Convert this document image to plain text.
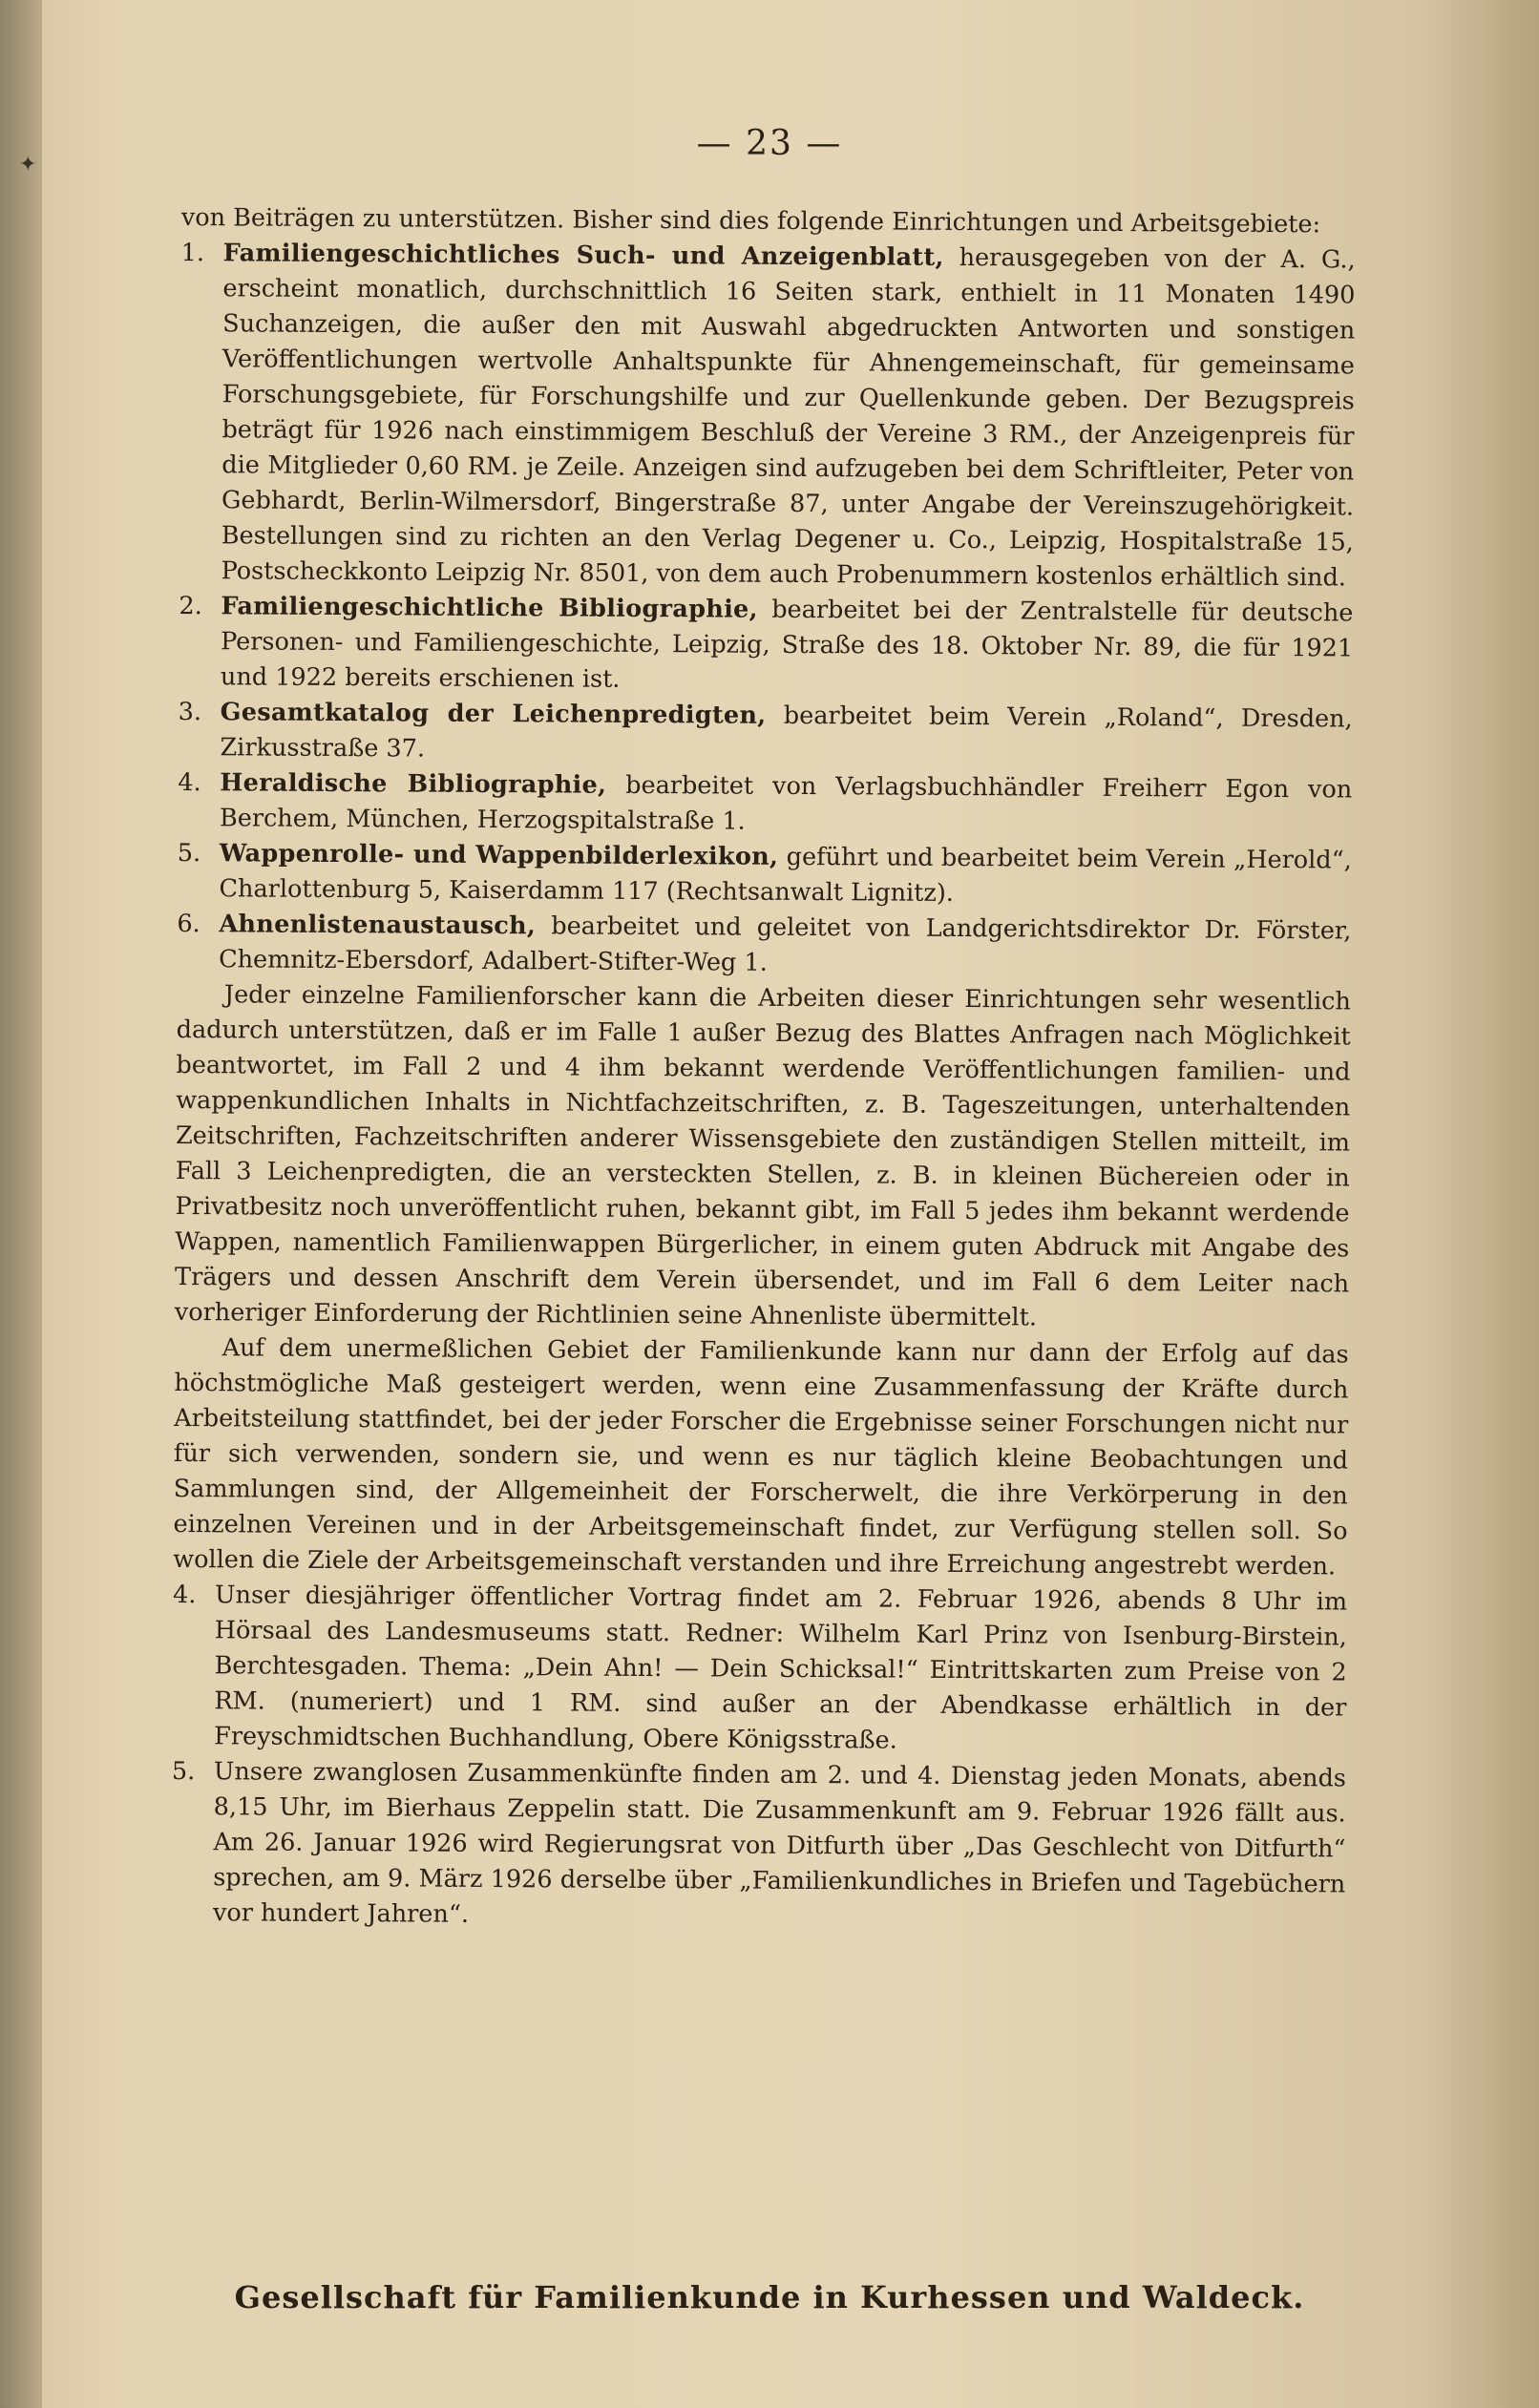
✦
— 23 —

von Beiträgen zu unterstützen. Bisher sind dies folgende Einrichtungen und Arbeitsgebiete:

1. Familiengeschichtliches Such- und Anzeigenblatt, herausgegeben von der A. G., erscheint monatlich, durchschnittlich 16 Seiten stark, enthielt in 11 Monaten 1490 Suchanzeigen, die außer den mit Auswahl abgedruckten Antworten und sonstigen Veröffentlichungen wertvolle Anhaltspunkte für Ahnengemeinschaft, für gemeinsame Forschungsgebiete, für Forschungshilfe und zur Quellenkunde geben. Der Bezugspreis beträgt für 1926 nach einstimmigem Beschluß der Vereine 3 RM., der Anzeigenpreis für die Mitglieder 0,60 RM. je Zeile. Anzeigen sind aufzugeben bei dem Schriftleiter, Peter von Gebhardt, Berlin-Wilmersdorf, Bingerstraße 87, unter Angabe der Vereinszugehörigkeit. Bestellungen sind zu richten an den Verlag Degener u. Co., Leipzig, Hospitalstraße 15, Postscheckkonto Leipzig Nr. 8501, von dem auch Probenummern kostenlos erhältlich sind.
2. Familiengeschichtliche Bibliographie, bearbeitet bei der Zentralstelle für deutsche Personen- und Familiengeschichte, Leipzig, Straße des 18. Oktober Nr. 89, die für 1921 und 1922 bereits erschienen ist.
3. Gesamtkatalog der Leichenpredigten, bearbeitet beim Verein „Roland“, Dresden, Zirkusstraße 37.
4. Heraldische Bibliographie, bearbeitet von Verlagsbuchhändler Freiherr Egon von Berchem, München, Herzogspitalstraße 1.
5. Wappenrolle- und Wappenbilderlexikon, geführt und bearbeitet beim Verein „Herold“, Charlottenburg 5, Kaiserdamm 117 (Rechtsanwalt Lignitz).
6. Ahnenlistenaustausch, bearbeitet und geleitet von Landgerichtsdirektor Dr. Förster, Chemnitz-Ebersdorf, Adalbert-Stifter-Weg 1.

Jeder einzelne Familienforscher kann die Arbeiten dieser Einrichtungen sehr wesentlich dadurch unterstützen, daß er im Falle 1 außer Bezug des Blattes Anfragen nach Möglichkeit beantwortet, im Fall 2 und 4 ihm bekannt werdende Veröffentlichungen familien- und wappenkundlichen Inhalts in Nichtfachzeitschriften, z. B. Tageszeitungen, unterhaltenden Zeitschriften, Fachzeitschriften anderer Wissensgebiete den zuständigen Stellen mitteilt, im Fall 3 Leichenpredigten, die an versteckten Stellen, z. B. in kleinen Büchereien oder in Privatbesitz noch unveröffentlicht ruhen, bekannt gibt, im Fall 5 jedes ihm bekannt werdende Wappen, namentlich Familienwappen Bürgerlicher, in einem guten Abdruck mit Angabe des Trägers und dessen Anschrift dem Verein übersendet, und im Fall 6 dem Leiter nach vorheriger Einforderung der Richtlinien seine Ahnenliste übermittelt.

Auf dem unermeßlichen Gebiet der Familienkunde kann nur dann der Erfolg auf das höchstmögliche Maß gesteigert werden, wenn eine Zusammenfassung der Kräfte durch Arbeitsteilung stattfindet, bei der jeder Forscher die Ergebnisse seiner Forschungen nicht nur für sich verwenden, sondern sie, und wenn es nur täglich kleine Beobachtungen und Sammlungen sind, der Allgemeinheit der Forscherwelt, die ihre Verkörperung in den einzelnen Vereinen und in der Arbeitsgemeinschaft findet, zur Verfügung stellen soll. So wollen die Ziele der Arbeitsgemeinschaft verstanden und ihre Erreichung angestrebt werden.

4. Unser diesjähriger öffentlicher Vortrag findet am 2. Februar 1926, abends 8 Uhr im Hörsaal des Landesmuseums statt. Redner: Wilhelm Karl Prinz von Isenburg-Birstein, Berchtesgaden. Thema: „Dein Ahn! — Dein Schicksal!“ Eintrittskarten zum Preise von 2 RM. (numeriert) und 1 RM. sind außer an der Abendkasse erhältlich in der Freyschmidtschen Buchhandlung, Obere Königsstraße.
5. Unsere zwanglosen Zusammenkünfte finden am 2. und 4. Dienstag jeden Monats, abends 8,15 Uhr, im Bierhaus Zeppelin statt. Die Zusammenkunft am 9. Februar 1926 fällt aus. Am 26. Januar 1926 wird Regierungsrat von Ditfurth über „Das Geschlecht von Ditfurth“ sprechen, am 9. März 1926 derselbe über „Familienkundliches in Briefen und Tagebüchern vor hundert Jahren“.
Gesellschaft für Familienkunde in Kurhessen und Waldeck.
